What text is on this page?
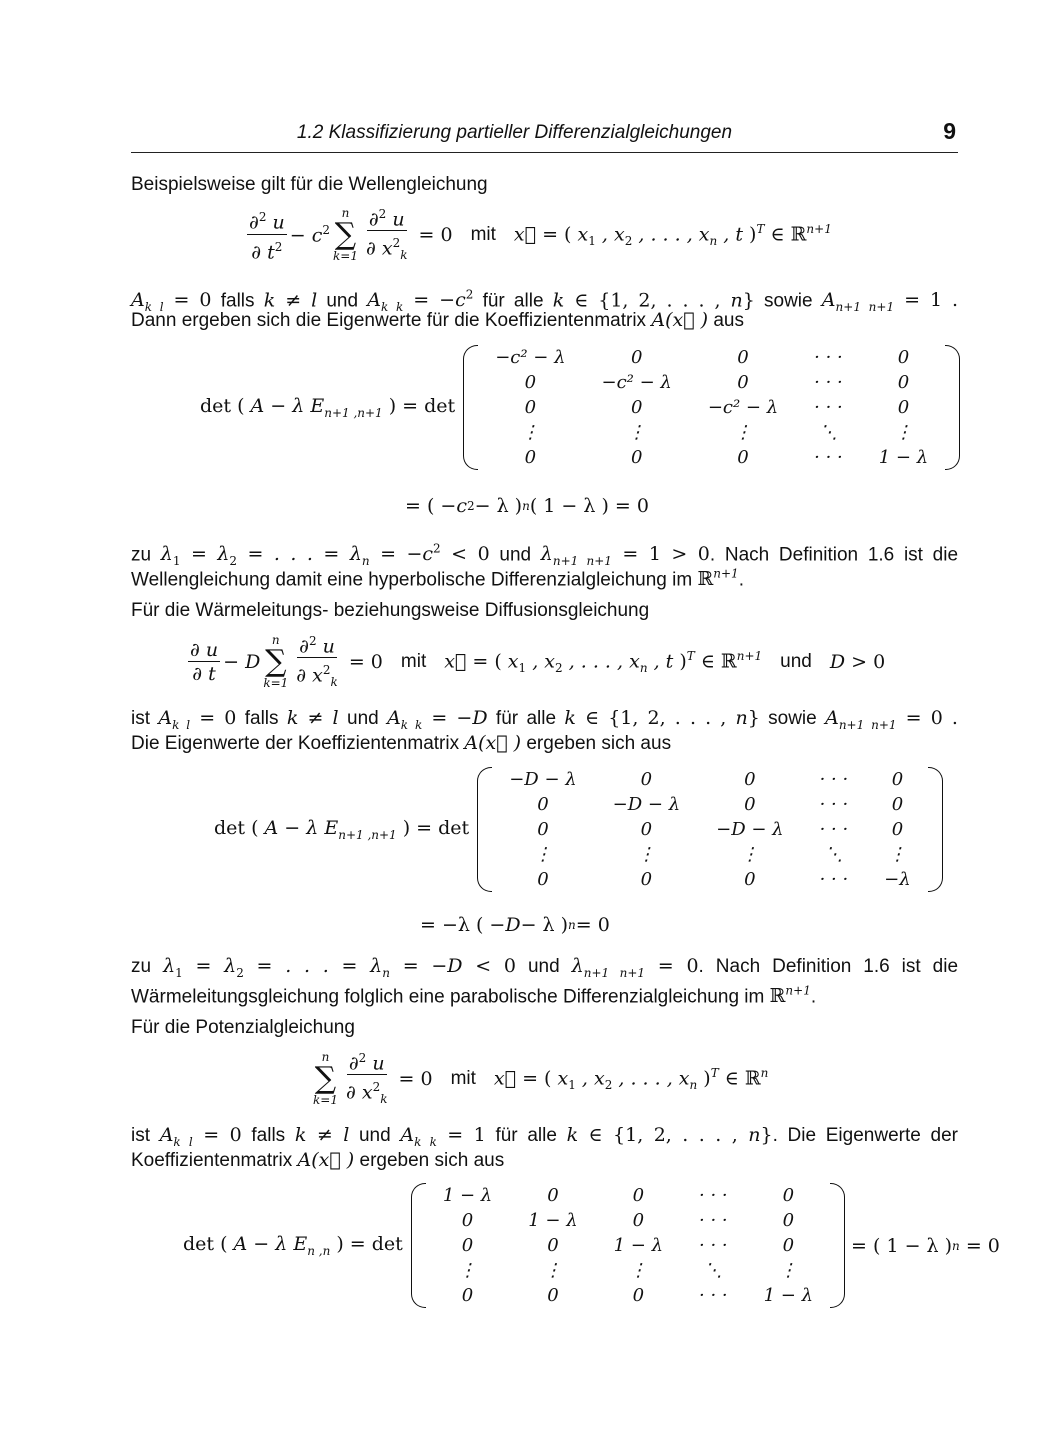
1.2 Klassifizierung partieller Differenzialgleichungen	9
Beispielsweise gilt für die Wellengleichung
$\frac{\partial^2 u}{\partial t^2} - c^2$
n
∑
$k=1 \frac{\partial^2 u}{\partial x^2_k} = 0$ mit x⃗ = ( $x_1$ , $x_2$ , . . . , $x_n$ , t )$^T$ ∈ ℝ$^{n+1}$
$A_{k l} = 0$ falls k ≠ l und $A_{k k} = -c^2$ für alle k ∈ {1, 2, . . . , n} sowie $A_{n+1 n+1} = 1$ .
Dann ergeben sich die Eigenwerte für die Koeffizientenmatrix A(x⃗ ) aus
det ( A − λ $E_{n+1 ,n+1}$ ) = det
−c² − λ	0	0	· · ·	0
0	−c² − λ	0	· · ·	0
0	0	−c² − λ	· · ·	0
⋮	⋮	⋮	⋱	⋮
0	0	0	· · ·	1 − λ
= ( − c 2 − λ ) n ( 1 − λ ) = 0
zu $\lambda_1 = \lambda_2$ = . . . = $\lambda_n = -c^2 < 0$ und $\lambda_{n+1 n+1} = 1 > 0$. Nach Definition 1.6 ist die
Wellengleichung damit eine hyperbolische Differenzialgleichung im ℝ$^{n+1}$.
Für die Wärmeleitungs- beziehungsweise Diffusionsgleichung
$\frac{\partial u}{\partial t} - D$
n
∑
$k=1 \frac{\partial^2 u}{\partial x^2_k} = 0$ mit x⃗ = ( $x_1$ , $x_2$ , . . . , $x_n$ , t )$^T$ ∈ ℝ$^{n+1}$ und D > 0
ist $A_{k l} = 0$ falls k ≠ l und $A_{k k} = -D$ für alle k ∈ {1, 2, . . . , n} sowie $A_{n+1 n+1} = 0$ .
Die Eigenwerte der Koeffizientenmatrix A(x⃗ ) ergeben sich aus
det ( A − λ $E_{n+1 ,n+1}$ ) = det
−D − λ	0	0	· · ·	0
0	−D − λ	0	· · ·	0
0	0	−D − λ	· · ·	0
⋮	⋮	⋮	⋱	⋮
0	0	0	· · ·	−λ
= −λ ( − D − λ ) n = 0
zu $\lambda_1 = \lambda_2$ = . . . = $\lambda_n = -D < 0$ und $\lambda_{n+1 n+1} = 0$. Nach Definition 1.6 ist die
Wärmeleitungsgleichung folglich eine parabolische Differenzialgleichung im ℝ$^{n+1}$.
Für die Potenzialgleichung
n
∑
$k=1 \frac{\partial^2 u}{\partial x^2_k} = 0$ mit x⃗ = ( $x_1$ , $x_2$ , . . . , $x_n$ )$^T$ ∈ ℝ$^n$
ist $A_{k l} = 0$ falls k ≠ l und $A_{k k} = 1$ für alle k ∈ {1, 2, . . . , n}. Die Eigenwerte der
Koeffizientenmatrix A(x⃗ ) ergeben sich aus
det ( A − λ $E_{n ,n}$ ) = det
1 − λ	0	0	· · ·	0
0	1 − λ	0	· · ·	0
0	0	1 − λ	· · ·	0
⋮	⋮	⋮	⋱	⋮
0	0	0	· · ·	1 − λ
= ( 1 − λ ) n = 0
